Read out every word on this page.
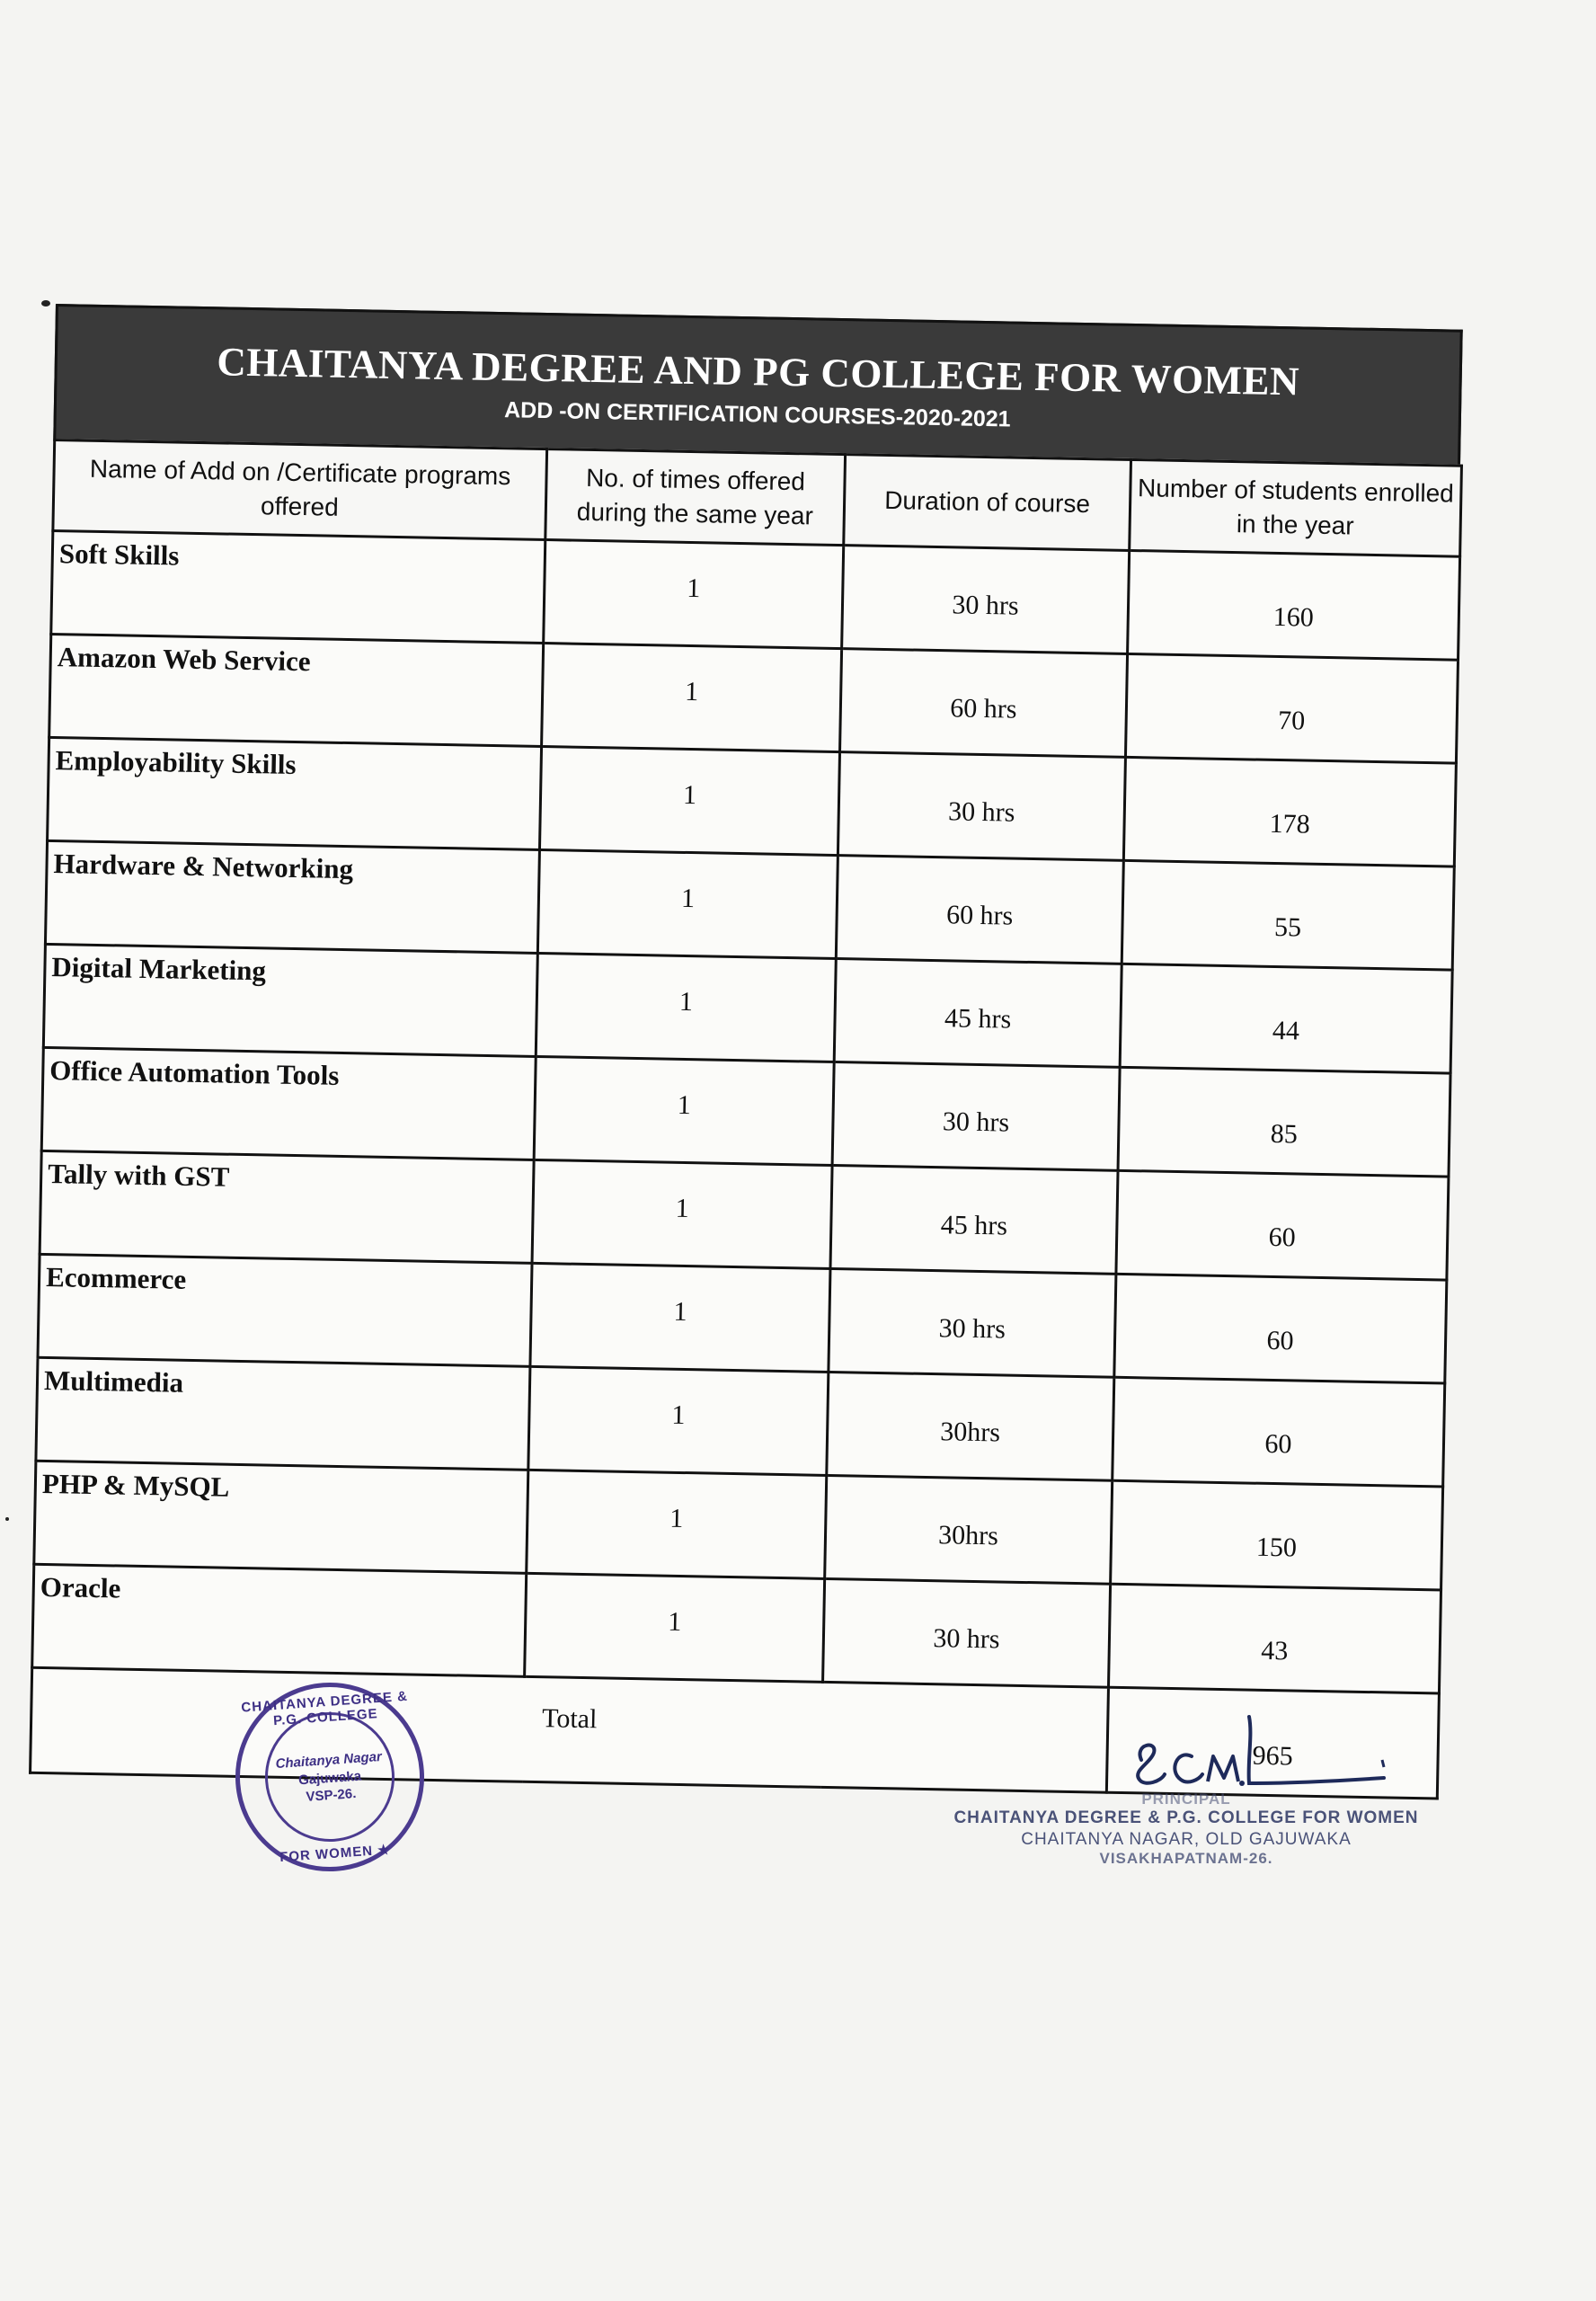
CHAITANYA DEGREE AND PG COLLEGE FOR WOMEN
ADD -ON CERTIFICATION COURSES-2020-2021
Name of Add on /Certificate programs offered	No. of times offered during the same year	Duration of course	Number of students enrolled in the year
Soft Skills	1	30 hrs	160
Amazon Web Service	1	60 hrs	70
Employability Skills	1	30 hrs	178
Hardware & Networking	1	60 hrs	55
Digital Marketing	1	45 hrs	44
Office Automation Tools	1	30 hrs	85
Tally with GST	1	45 hrs	60
Ecommerce	1	30 hrs	60
Multimedia	1	30hrs	60
PHP & MySQL	1	30hrs	150
Oracle	1	30 hrs	43
Total			965
CHAITANYA DEGREE & P.G. COLLEGE
FOR WOMEN ★
Chaitanya Nagar
Gajuwaka
VSP-26.	PRINCIPAL
CHAITANYA DEGREE & P.G. COLLEGE FOR WOMEN
CHAITANYA NAGAR, OLD GAJUWAKA
VISAKHAPATNAM-26.
